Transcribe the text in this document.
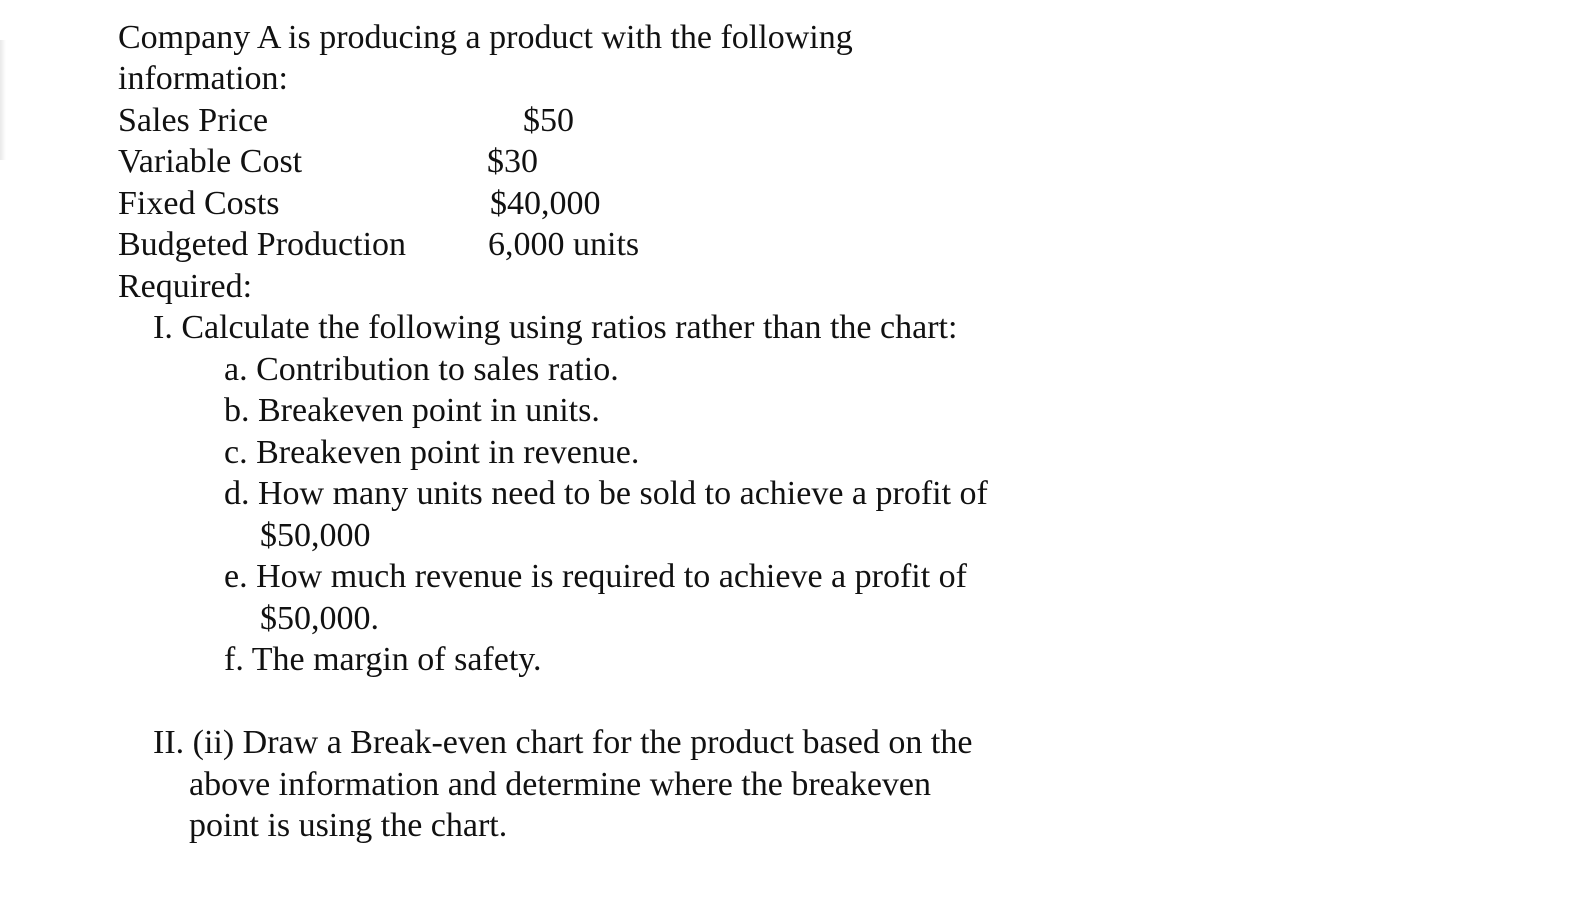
Company A is producing a product with the following
information:
Sales Price	$50
Variable Cost	$30
Fixed Costs	$40,000
Budgeted Production 6,000 units
Required:
I. Calculate the following using ratios rather than the chart:
a. Contribution to sales ratio.
b. Breakeven point in units.
c. Breakeven point in revenue.
d. How many units need to be sold to achieve a profit of
$50,000
e. How much revenue is required to achieve a profit of
$50,000.
f. The margin of safety.
II. (ii) Draw a Break-even chart for the product based on the
above information and determine where the breakeven
point is using the chart.
